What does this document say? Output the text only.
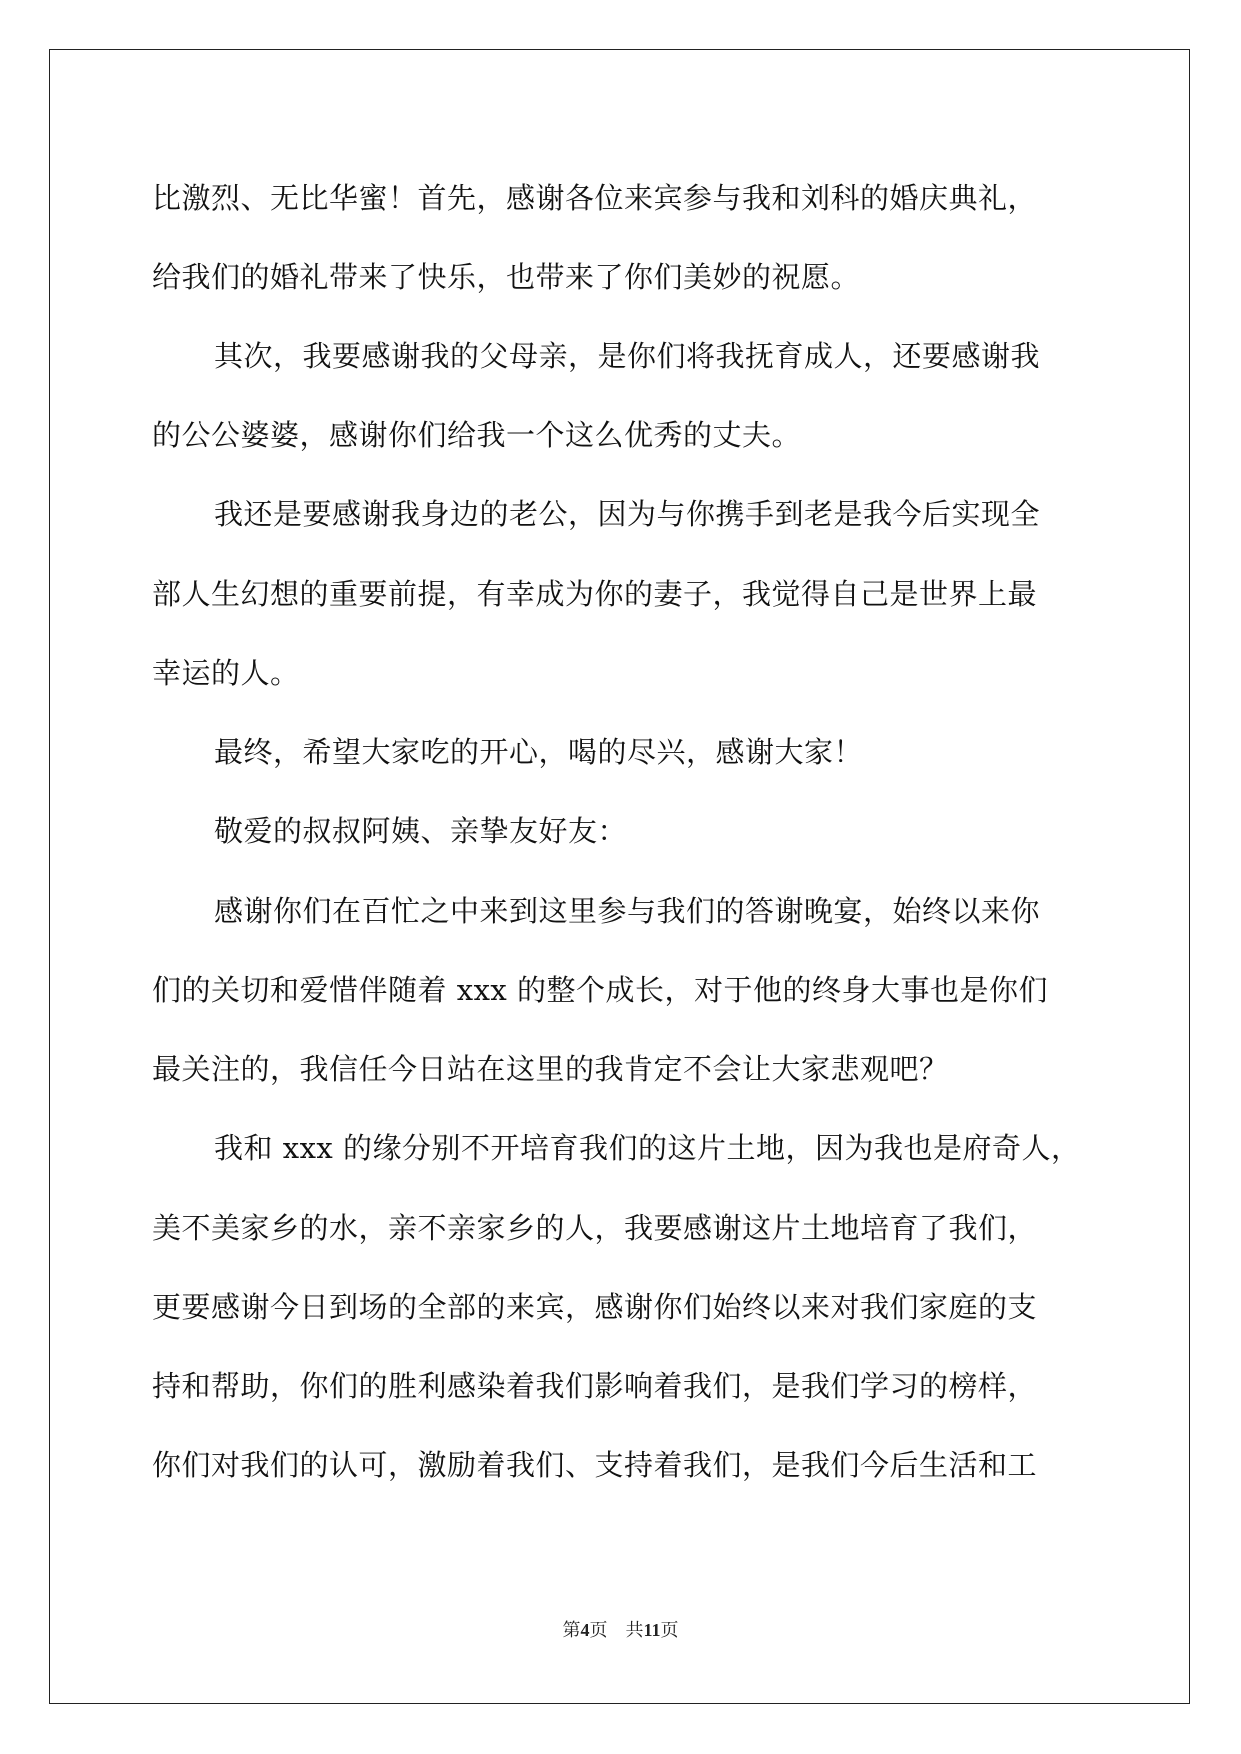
比激烈、无比华蜜！首先，感谢各位来宾参与我和刘科的婚庆典礼，
给我们的婚礼带来了快乐，也带来了你们美妙的祝愿。
其次，我要感谢我的父母亲，是你们将我抚育成人，还要感谢我
的公公婆婆，感谢你们给我一个这么优秀的丈夫。
我还是要感谢我身边的老公，因为与你携手到老是我今后实现全
部人生幻想的重要前提，有幸成为你的妻子，我觉得自己是世界上最
幸运的人。
最终，希望大家吃的开心，喝的尽兴，感谢大家！
敬爱的叔叔阿姨、亲挚友好友：
感谢你们在百忙之中来到这里参与我们的答谢晚宴，始终以来你
们的关切和爱惜伴随着 xxx 的整个成长，对于他的终身大事也是你们
最关注的，我信任今日站在这里的我肯定不会让大家悲观吧？
我和 xxx 的缘分别不开培育我们的这片土地，因为我也是府奇人，
美不美家乡的水，亲不亲家乡的人，我要感谢这片土地培育了我们，
更要感谢今日到场的全部的来宾，感谢你们始终以来对我们家庭的支
持和帮助，你们的胜利感染着我们影响着我们，是我们学习的榜样，
你们对我们的认可，激励着我们、支持着我们，是我们今后生活和工
第4页 共11页
